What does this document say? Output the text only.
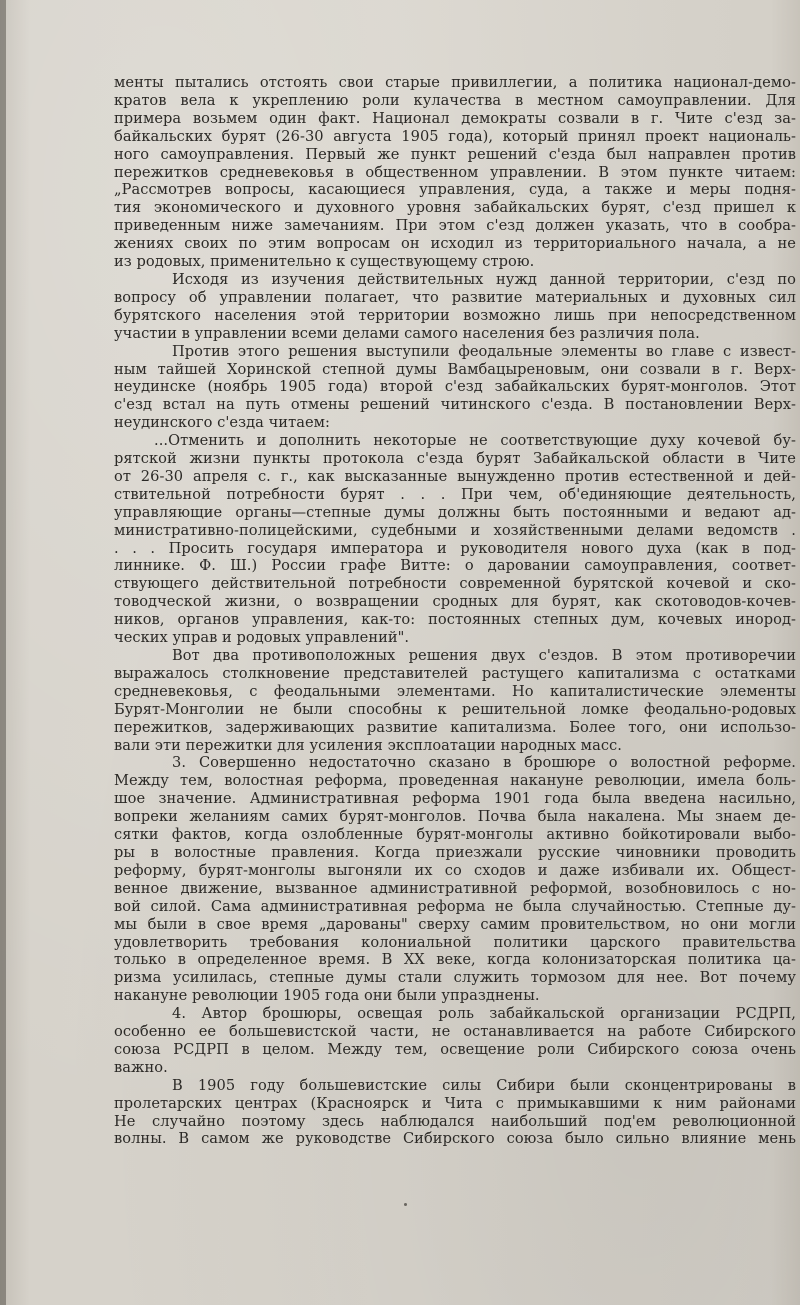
менты пытались отстоять свои старые привиллегии, а политика национал-демо-
кратов вела к укреплению роли кулачества в местном самоуправлении. Для
примера возьмем один факт. Национал демократы созвали в г. Чите с'езд за-
байкальских бурят (26-30 августа 1905 года), который принял проект националь-
ного самоуправления. Первый же пункт решений с'езда был направлен против
пережитков средневековья в общественном управлении. В этом пункте читаем:
„Рассмотрев вопросы, касающиеся управления, суда, а также и меры подня-
тия экономического и духовного уровня забайкальских бурят, с'езд пришел к
приведенным ниже замечаниям. При этом с'езд должен указать, что в сообра-
жениях своих по этим вопросам он исходил из территориального начала, а не
из родовых, применительно к существующему строю.
Исходя из изучения действительных нужд данной территории, с'езд по
вопросу об управлении полагает, что развитие материальных и духовных сил
бурятского населения этой территории возможно лишь при непосредственном
участии в управлении всеми делами самого населения без различия пола.
Против этого решения выступили феодальные элементы во главе с извест-
ным тайшей Хоринской степной думы Вамбацыреновым, они созвали в г. Верх-
неудинске (ноябрь 1905 года) второй с'езд забайкальских бурят-монголов. Этот
с'езд встал на путь отмены решений читинского с'езда. В постановлении Верх-
неудинского с'езда читаем:
...Отменить и дополнить некоторые не соответствующие духу кочевой бу-
рятской жизни пункты протокола с'езда бурят Забайкальской области в Чите
от 26-30 апреля с. г., как высказанные вынужденно против естественной и дей-
ствительной потребности бурят . . . При чем, об'единяющие деятельность,
управляющие органы—степные думы должны быть постоянными и ведают ад-
министративно-полицейскими, судебными и хозяйственными делами ведомств .
. . . Просить государя императора и руководителя нового духа (как в под-
линнике. Ф. Ш.) России графе Витте: о даровании самоуправления, соответ-
ствующего действительной потребности современной бурятской кочевой и ско-
товодческой жизни, о возвращении сродных для бурят, как скотоводов-кочев-
ников, органов управления, как-то: постоянных степных дум, кочевых инород-
ческих управ и родовых управлений".
Вот два противоположных решения двух с'ездов. В этом противоречии
выражалось столкновение представителей растущего капитализма с остатками
средневековья, с феодальными элементами. Но капиталистические элементы
Бурят-Монголии не были способны к решительной ломке феодально-родовых
пережитков, задерживающих развитие капитализма. Более того, они использо-
вали эти пережитки для усиления эксплоатации народных масс.
3. Совершенно недостаточно сказано в брошюре о волостной реформе.
Между тем, волостная реформа, проведенная накануне революции, имела боль-
шое значение. Административная реформа 1901 года была введена насильно,
вопреки желаниям самих бурят-монголов. Почва была накалена. Мы знаем де-
сятки фактов, когда озлобленные бурят-монголы активно бойкотировали выбо-
ры в волостные правления. Когда приезжали русские чиновники проводить
реформу, бурят-монголы выгоняли их со сходов и даже избивали их. Общест-
венное движение, вызванное административной реформой, возобновилось с но-
вой силой. Сама административная реформа не была случайностью. Степные ду-
мы были в свое время „дарованы" сверху самим провительством, но они могли
удовлетворить требования колониальной политики царского правительства
только в определенное время. В XX веке, когда колонизаторская политика ца-
ризма усилилась, степные думы стали служить тормозом для нее. Вот почему
накануне революции 1905 года они были упразднены.
4. Автор брошюры, освещая роль забайкальской организации РСДРП,
особенно ее большевистской части, не останавливается на работе Сибирского
союза РСДРП в целом. Между тем, освещение роли Сибирского союза очень
важно.
В 1905 году большевистские силы Сибири были сконцентрированы в
пролетарских центрах (Красноярск и Чита с примыкавшими к ним районами
Не случайно поэтому здесь наблюдался наибольший под'ем революционной
волны. В самом же руководстве Сибирского союза было сильно влияние мень
